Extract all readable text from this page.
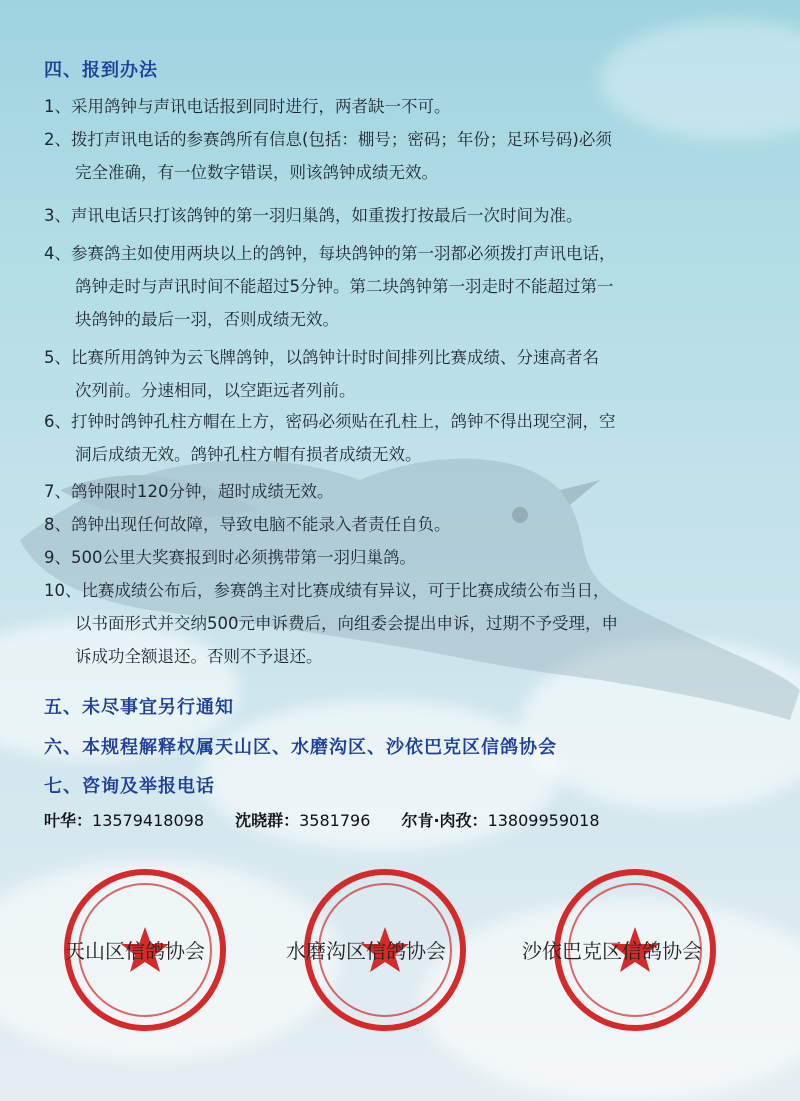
四、报到办法
1、采用鸽钟与声讯电话报到同时进行，两者缺一不可。
2、拨打声讯电话的参赛鸽所有信息(包括：棚号；密码；年份；足环号码)必须
完全准确，有一位数字错误，则该鸽钟成绩无效。
3、声讯电话只打该鸽钟的第一羽归巢鸽，如重拨打按最后一次时间为准。
4、参赛鸽主如使用两块以上的鸽钟，每块鸽钟的第一羽都必须拨打声讯电话，
鸽钟走时与声讯时间不能超过5分钟。第二块鸽钟第一羽走时不能超过第一
块鸽钟的最后一羽，否则成绩无效。
5、比赛所用鸽钟为云飞牌鸽钟，以鸽钟计时时间排列比赛成绩、分速高者名
次列前。分速相同，以空距远者列前。
6、打钟时鸽钟孔柱方帽在上方，密码必须贴在孔柱上，鸽钟不得出现空洞，空
洞后成绩无效。鸽钟孔柱方帽有损者成绩无效。
7、鸽钟限时120分钟，超时成绩无效。
8、鸽钟出现任何故障，导致电脑不能录入者责任自负。
9、500公里大奖赛报到时必须携带第一羽归巢鸽。
10、比赛成绩公布后，参赛鸽主对比赛成绩有异议，可于比赛成绩公布当日，
以书面形式并交纳500元申诉费后，向组委会提出申诉，过期不予受理，申
诉成功全额退还。否则不予退还。
五、未尽事宜另行通知
六、本规程解释权属天山区、水磨沟区、沙依巴克区信鸽协会
七、咨询及举报电话
叶华：13579418098 沈晓群：3581796 尔肯·肉孜：13809959018
天山区信鸽协会	水磨沟区信鸽协会	沙依巴克区信鸽协会
